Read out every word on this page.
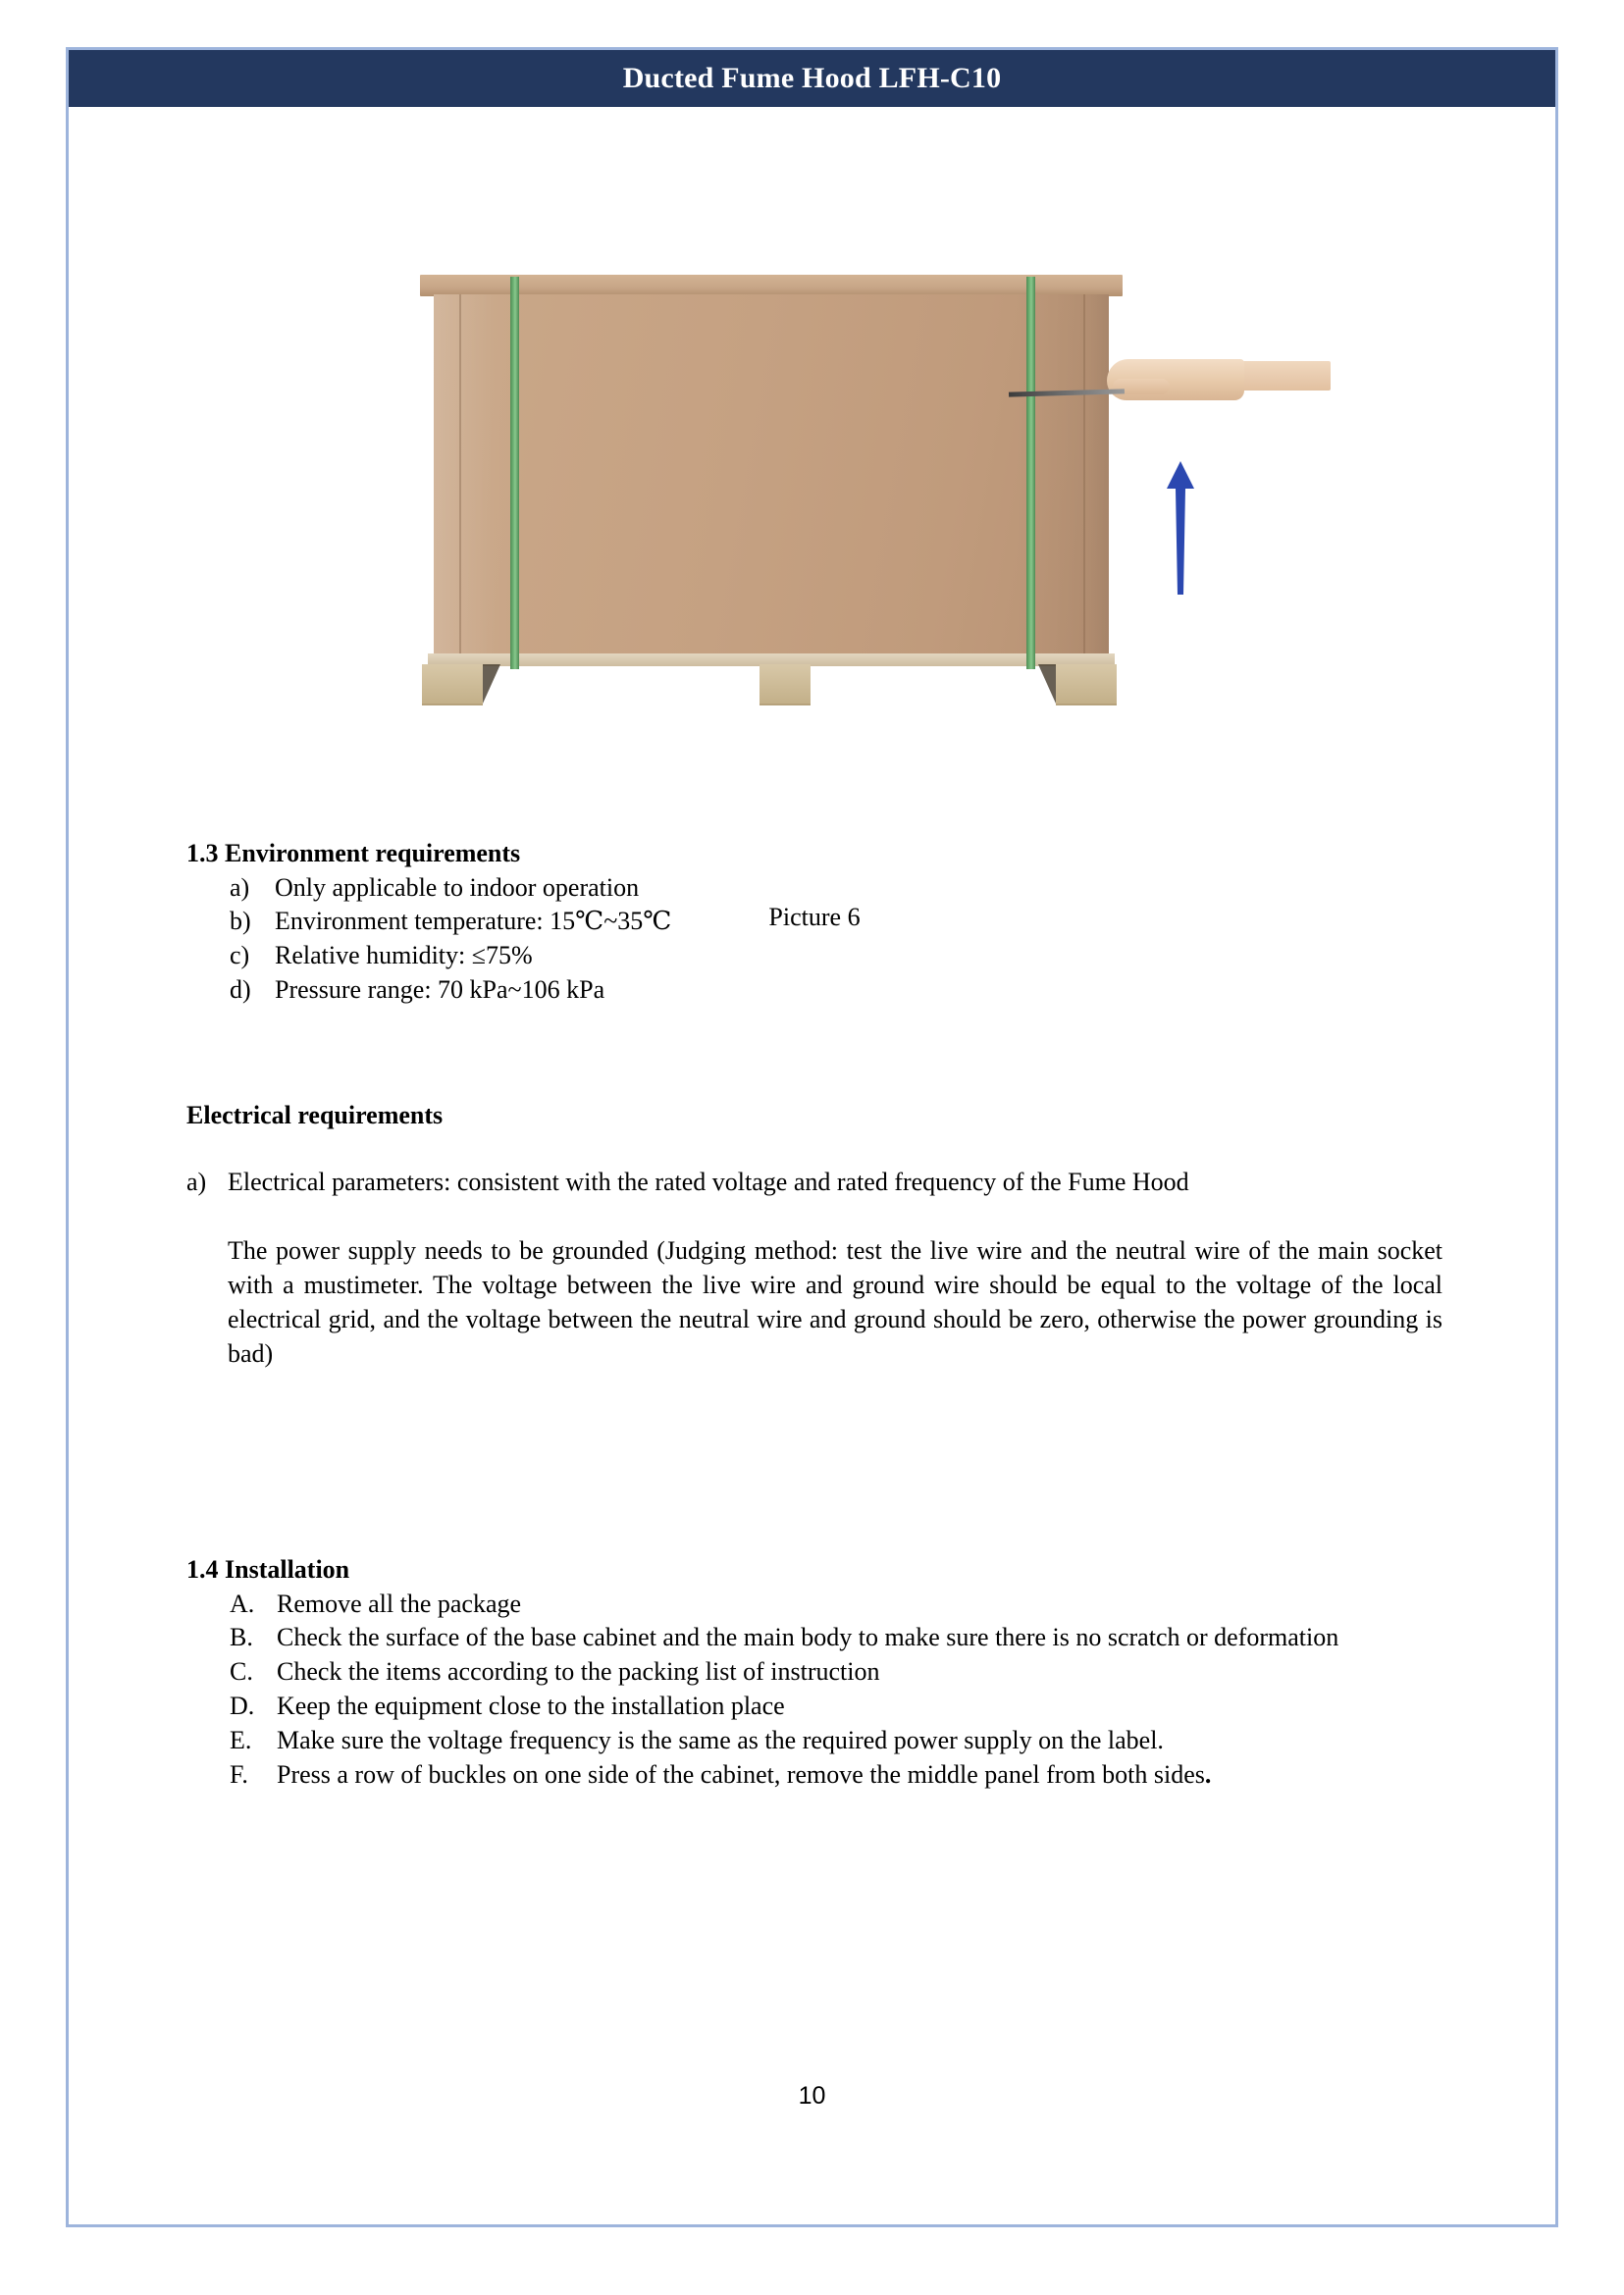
Ducted Fume Hood LFH-C10
Picture 6
1.3 Environment requirements
a) Only applicable to indoor operation
b) Environment temperature: 15℃~35℃
c) Relative humidity: ≤75%
d) Pressure range: 70 kPa~106 kPa
Electrical requirements
a) Electrical parameters: consistent with the rated voltage and rated frequency of the Fume Hood
The power supply needs to be grounded (Judging method: test the live wire and the neutral wire of the main socket with a mustimeter. The voltage between the live wire and ground wire should be equal to the voltage of the local electrical grid, and the voltage between the neutral wire and ground should be zero, otherwise the power grounding is bad)
1.4 Installation
A. Remove all the package
B. Check the surface of the base cabinet and the main body to make sure there is no scratch or deformation
C. Check the items according to the packing list of instruction
D. Keep the equipment close to the installation place
E. Make sure the voltage frequency is the same as the required power supply on the label.
F.	Press a row of buckles on one side of the cabinet, remove the middle panel from both sides.
10
